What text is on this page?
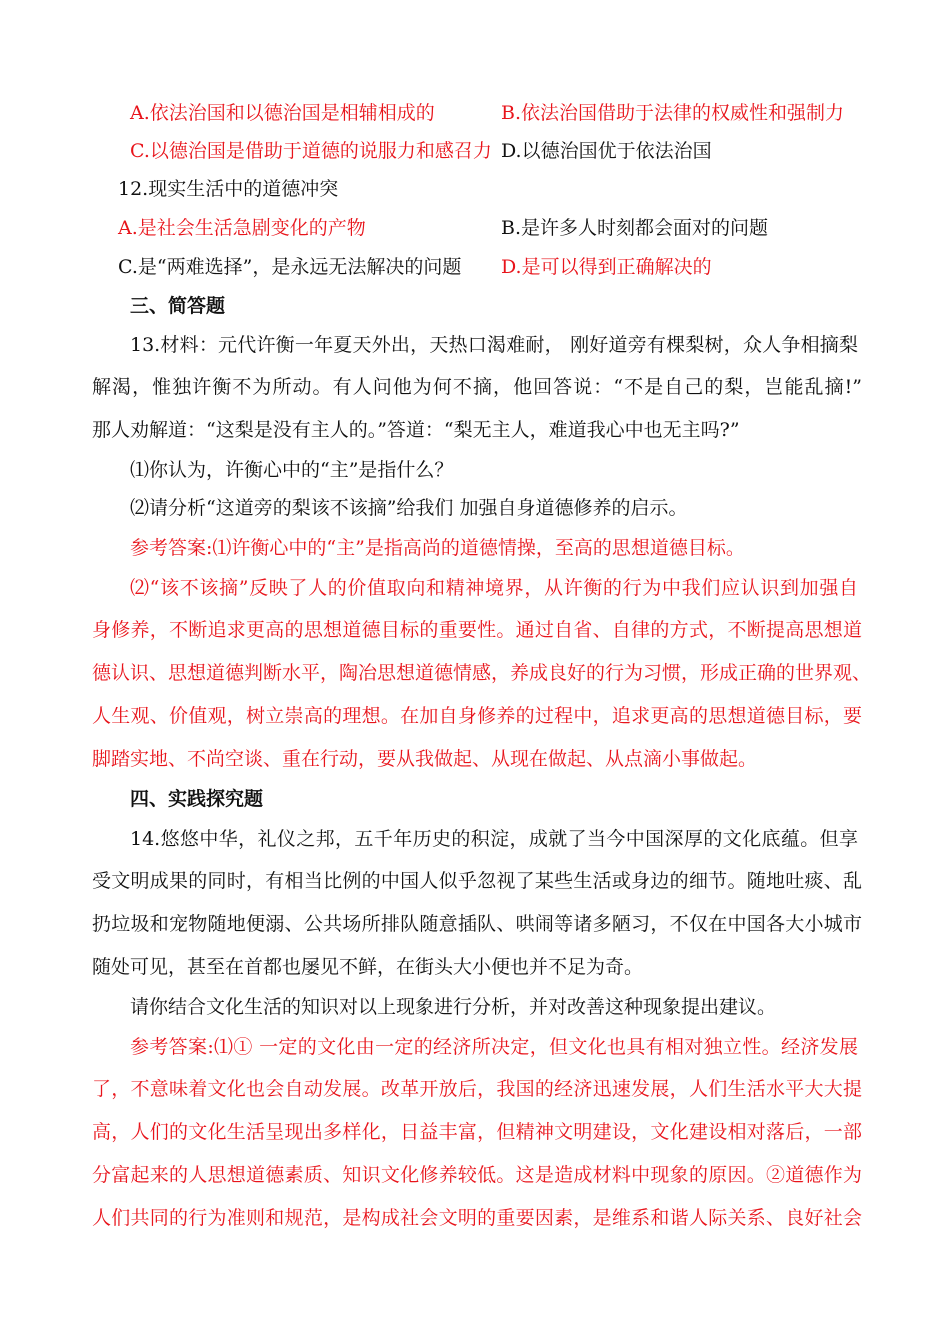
A.依法治国和以德治国是相辅相成的	B.依法治国借助于法律的权威性和强制力
C.以德治国是借助于道德的说服力和感召力 D.以德治国优于依法治国
12.现实生活中的道德冲突
A.是社会生活急剧变化的产物	B.是许多人时刻都会面对的问题
C.是“两难选择”，是永远无法解决的问题 D.是可以得到正确解决的
三、简答题
13.材料：元代许衡一年夏天外出，天热口渴难耐， 刚好道旁有棵梨树，众人争相摘梨
解渴，惟独许衡不为所动。有人问他为何不摘，他回答说：“不是自己的梨，岂能乱摘!”
那人劝解道：“这梨是没有主人的。”答道：“梨无主人，难道我心中也无主吗?”
⑴你认为，许衡心中的“主”是指什么？
⑵请分析“这道旁的梨该不该摘”给我们 加强自身道德修养的启示。
参考答案:⑴许衡心中的“主”是指高尚的道德情操，至高的思想道德目标。
⑵“该不该摘”反映了人的价值取向和精神境界，从许衡的行为中我们应认识到加强自
身修养，不断追求更高的思想道德目标的重要性。通过自省、自律的方式，不断提高思想道
德认识、思想道德判断水平，陶冶思想道德情感，养成良好的行为习惯，形成正确的世界观、
人生观、价值观，树立崇高的理想。在加自身修养的过程中，追求更高的思想道德目标，要
脚踏实地、不尚空谈、重在行动，要从我做起、从现在做起、从点滴小事做起。
四、实践探究题
14.悠悠中华，礼仪之邦，五千年历史的积淀，成就了当今中国深厚的文化底蕴。但享
受文明成果的同时，有相当比例的中国人似乎忽视了某些生活或身边的细节。随地吐痰、乱
扔垃圾和宠物随地便溺、公共场所排队随意插队、哄闹等诸多陋习，不仅在中国各大小城市
随处可见，甚至在首都也屡见不鲜，在街头大小便也并不足为奇。
请你结合文化生活的知识对以上现象进行分析，并对改善这种现象提出建议。
参考答案:⑴① 一定的文化由一定的经济所决定，但文化也具有相对独立性。经济发展
了，不意味着文化也会自动发展。改革开放后，我国的经济迅速发展，人们生活水平大大提
高，人们的文化生活呈现出多样化，日益丰富，但精神文明建设，文化建设相对落后，一部
分富起来的人思想道德素质、知识文化修养较低。这是造成材料中现象的原因。②道德作为
人们共同的行为准则和规范，是构成社会文明的重要因素，是维系和谐人际关系、良好社会
